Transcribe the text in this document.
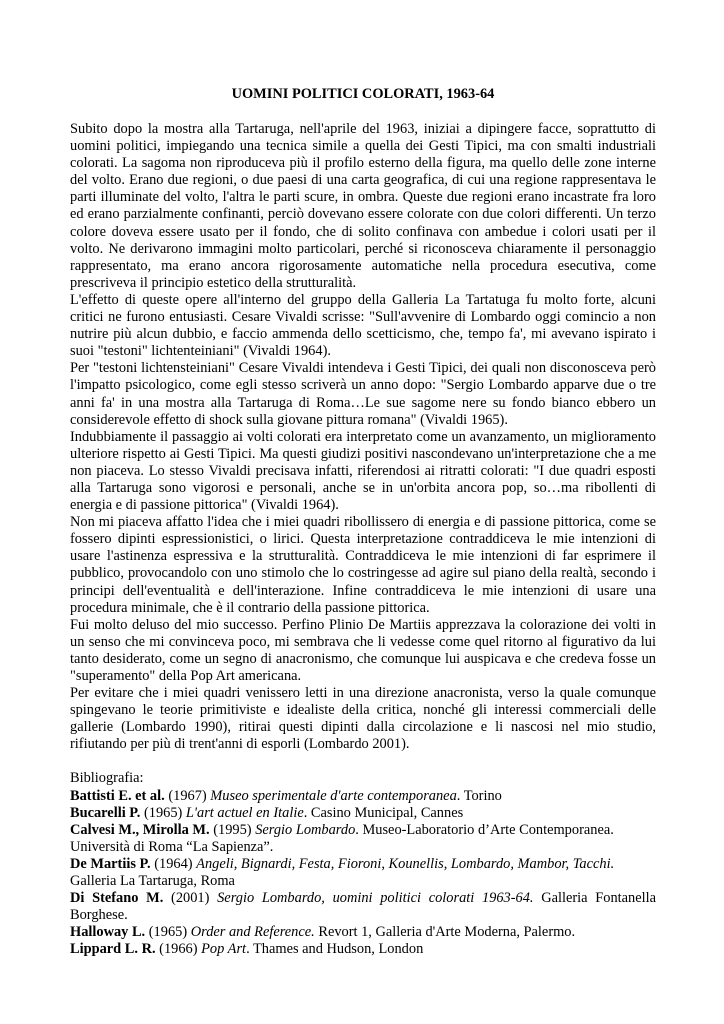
UOMINI POLITICI COLORATI, 1963-64

Subito dopo la mostra alla Tartaruga, nell'aprile del 1963, iniziai a dipingere facce, soprattutto di uomini politici, impiegando una tecnica simile a quella dei Gesti Tipici, ma con smalti industriali colorati. La sagoma non riproduceva più il profilo esterno della figura, ma quello delle zone interne del volto. Erano due regioni, o due paesi di una carta geografica, di cui una regione rappresentava le parti illuminate del volto, l'altra le parti scure, in ombra. Queste due regioni erano incastrate fra loro ed erano parzialmente confinanti, perciò dovevano essere colorate con due colori differenti. Un terzo colore doveva essere usato per il fondo, che di solito confinava con ambedue i colori usati per il volto. Ne derivarono immagini molto particolari, perché si riconosceva chiaramente il personaggio rappresentato, ma erano ancora rigorosamente automatiche nella procedura esecutiva, come prescriveva il principio estetico della strutturalità.

L'effetto di queste opere all'interno del gruppo della Galleria La Tartatuga fu molto forte, alcuni critici ne furono entusiasti. Cesare Vivaldi scrisse: "Sull'avvenire di Lombardo oggi comincio a non nutrire più alcun dubbio, e faccio ammenda dello scetticismo, che, tempo fa', mi avevano ispirato i suoi "testoni" lichtenteiniani" (Vivaldi 1964).

Per "testoni lichtensteiniani" Cesare Vivaldi intendeva i Gesti Tipici, dei quali non disconosceva però l'impatto psicologico, come egli stesso scriverà un anno dopo: "Sergio Lombardo apparve due o tre anni fa' in una mostra alla Tartaruga di Roma…Le sue sagome nere su fondo bianco ebbero un considerevole effetto di shock sulla giovane pittura romana" (Vivaldi 1965).

Indubbiamente il passaggio ai volti colorati era interpretato come un avanzamento, un miglioramento ulteriore rispetto ai Gesti Tipici. Ma questi giudizi positivi nascondevano un'interpretazione che a me non piaceva. Lo stesso Vivaldi precisava infatti, riferendosi ai ritratti colorati: "I due quadri esposti alla Tartaruga sono vigorosi e personali, anche se in un'orbita ancora pop, so…ma ribollenti di energia e di passione pittorica" (Vivaldi 1964).

Non mi piaceva affatto l'idea che i miei quadri ribollissero di energia e di passione pittorica, come se fossero dipinti espressionistici, o lirici. Questa interpretazione contraddiceva le mie intenzioni di usare l'astinenza espressiva e la strutturalità. Contraddiceva le mie intenzioni di far esprimere il pubblico, provocandolo con uno stimolo che lo costringesse ad agire sul piano della realtà, secondo i principi dell'eventualità e dell'interazione. Infine contraddiceva le mie intenzioni di usare una procedura minimale, che è il contrario della passione pittorica.

Fui molto deluso del mio successo. Perfino Plinio De Martiis apprezzava la colorazione dei volti in un senso che mi convinceva poco, mi sembrava che li vedesse come quel ritorno al figurativo da lui tanto desiderato, come un segno di anacronismo, che comunque lui auspicava e che credeva fosse un "superamento" della Pop Art americana.

Per evitare che i miei quadri venissero letti in una direzione anacronista, verso la quale comunque spingevano le teorie primitiviste e idealiste della critica, nonché gli interessi commerciali delle gallerie (Lombardo 1990), ritirai questi dipinti dalla circolazione e li nascosi nel mio studio, rifiutando per più di trent'anni di esporli (Lombardo 2001).

Bibliografia:

Battisti E. et al. (1967) Museo sperimentale d'arte contemporanea. Torino

Bucarelli P. (1965) L'art actuel en Italie. Casino Municipal, Cannes

Calvesi M., Mirolla M. (1995) Sergio Lombardo. Museo-Laboratorio d’Arte Contemporanea. Università di Roma “La Sapienza”.

De Martiis P. (1964) Angeli, Bignardi, Festa, Fioroni, Kounellis, Lombardo, Mambor, Tacchi. Galleria La Tartaruga, Roma

Di Stefano M. (2001) Sergio Lombardo, uomini politici colorati 1963-64. Galleria Fontanella Borghese.

Halloway L. (1965) Order and Reference. Revort 1, Galleria d'Arte Moderna, Palermo.

Lippard L. R. (1966) Pop Art. Thames and Hudson, London
